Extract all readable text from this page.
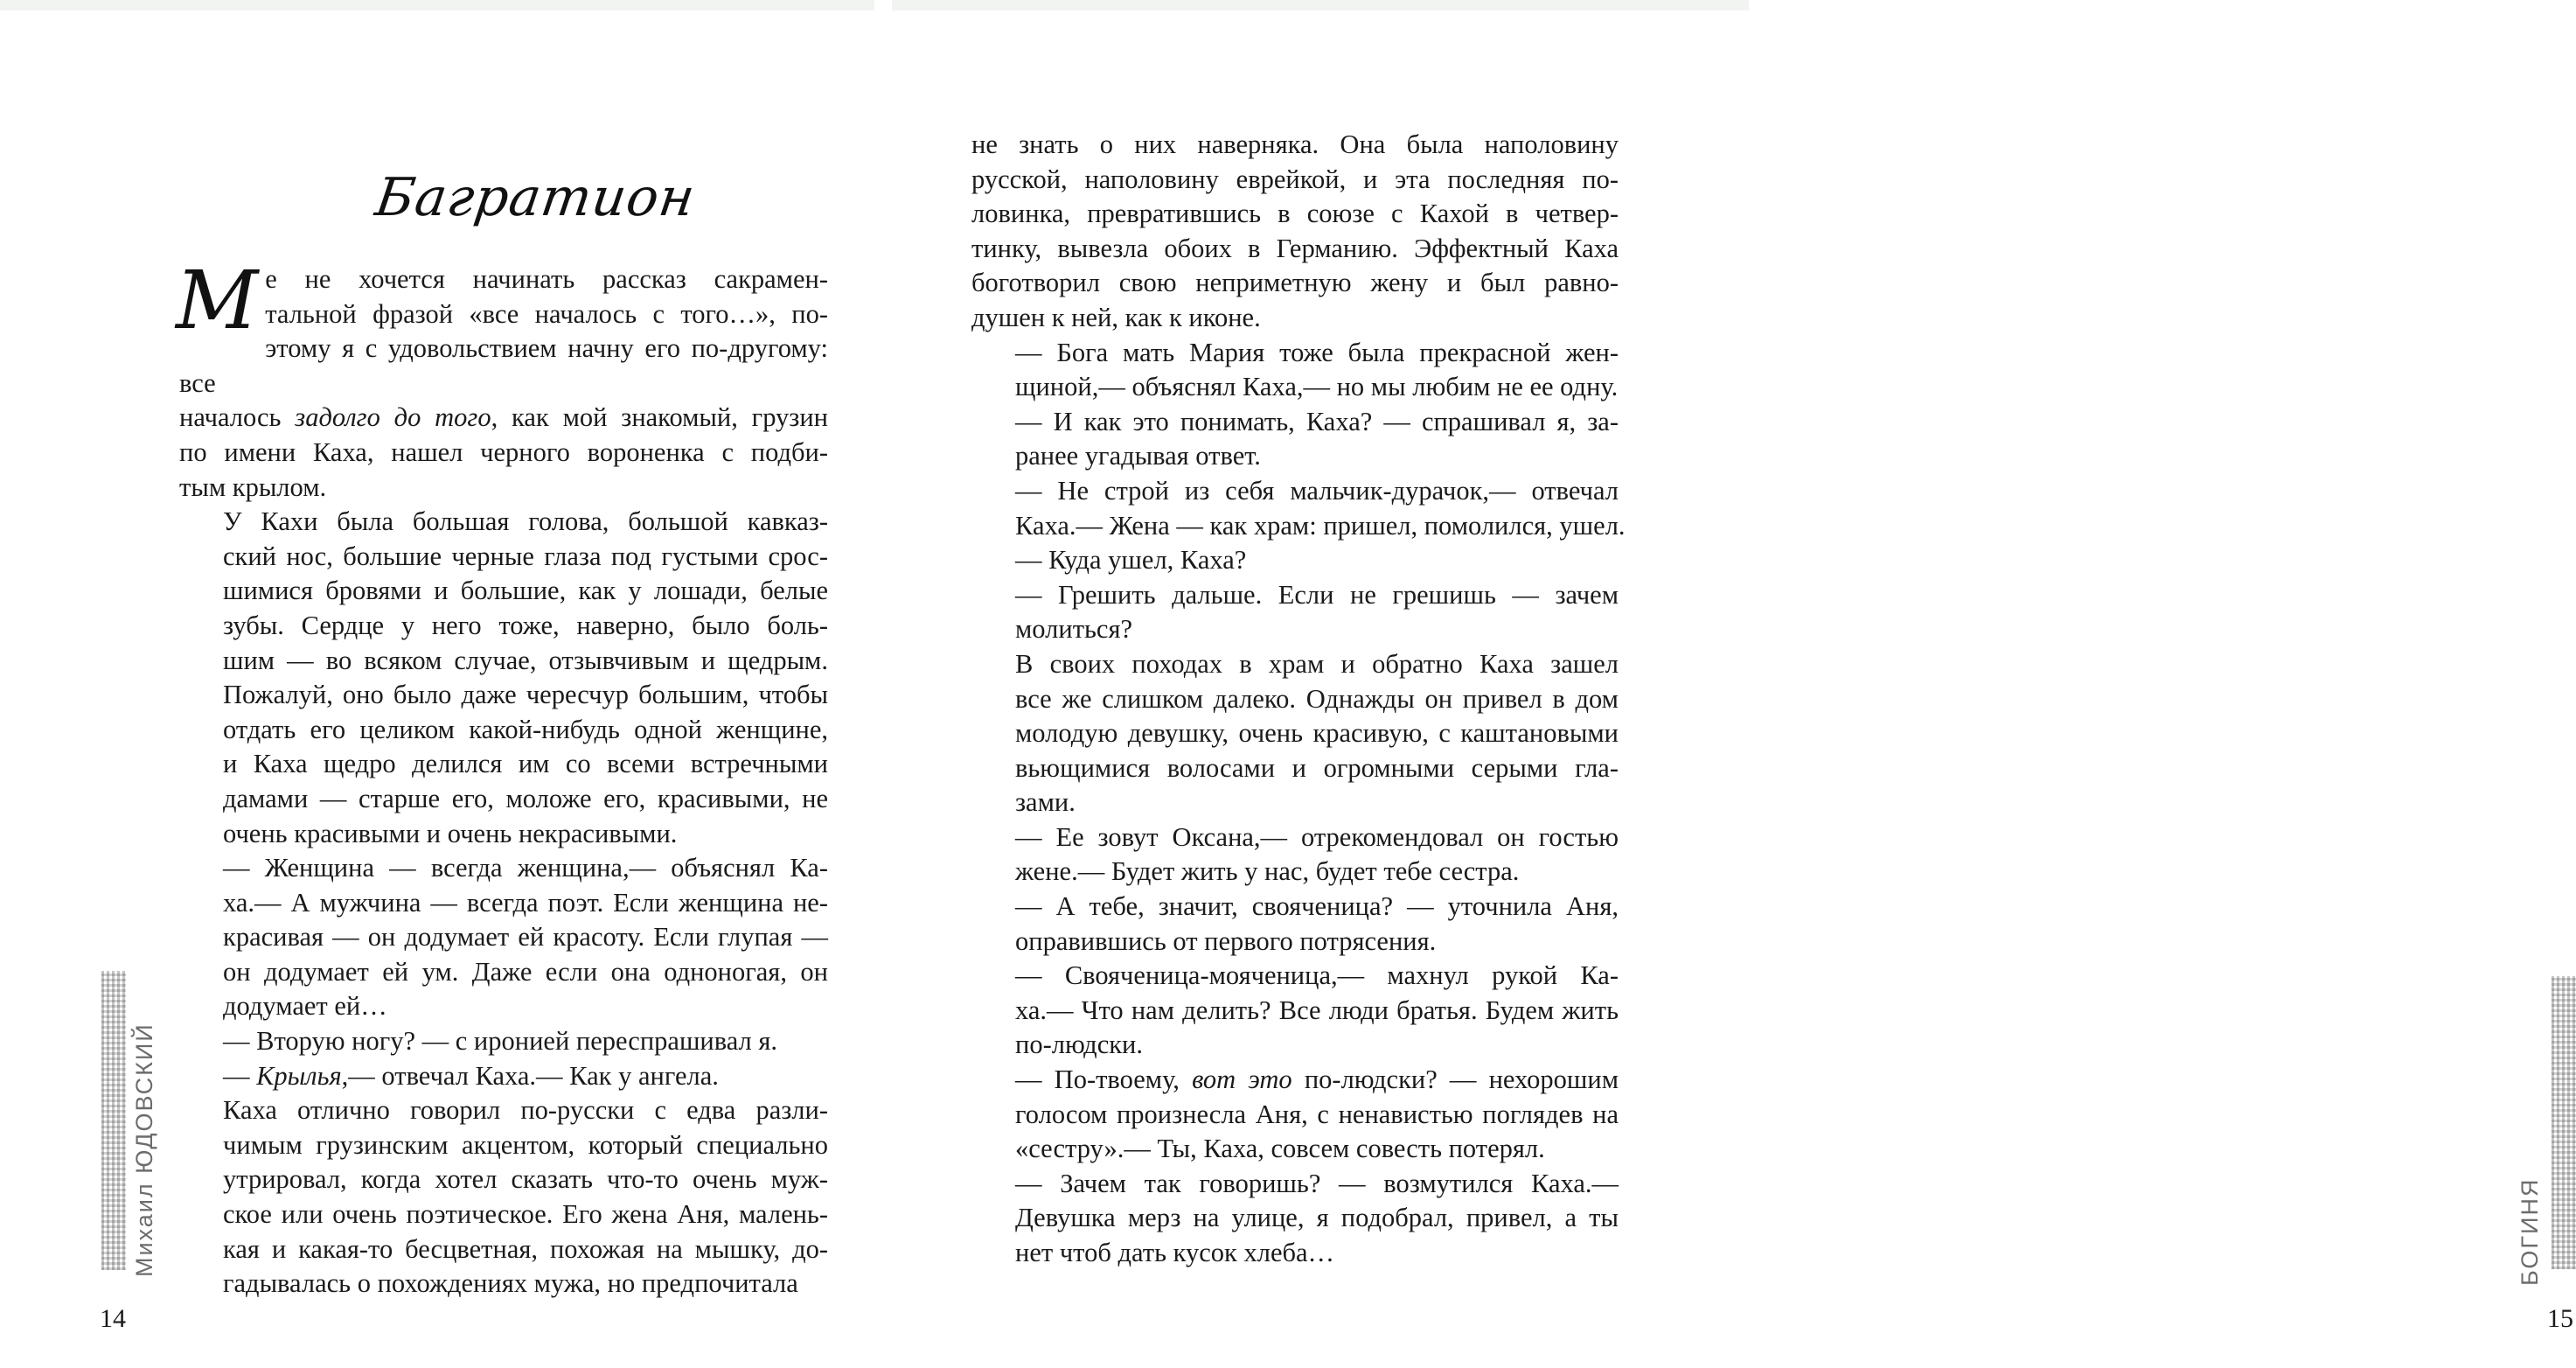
Багратион

М е не хочется начинать рассказ сакрамен-
тальной фразой «все началось с того…», по-
этому я с удовольствием начну его по-другому: все
началось задолго до того, как мой знакомый, грузин
по имени Каха, нашел черного вороненка с подби-
тым крылом.

У Кахи была большая голова, большой кавказ-
ский нос, большие черные глаза под густыми срос-
шимися бровями и большие, как у лошади, белые
зубы. Сердце у него тоже, наверно, было боль-
шим — во всяком случае, отзывчивым и щедрым.
Пожалуй, оно было даже чересчур большим, чтобы
отдать его целиком какой-нибудь одной женщине,
и Каха щедро делился им со всеми встречными
дамами — старше его, моложе его, красивыми, не
очень красивыми и очень некрасивыми.

— Женщина — всегда женщина,— объяснял Ка-
ха.— А мужчина — всегда поэт. Если женщина не-
красивая — он додумает ей красоту. Если глупая —
он додумает ей ум. Даже если она одноногая, он
додумает ей…

— Вторую ногу? — с иронией переспрашивал я.

— Крылья,— отвечал Каха.— Как у ангела.

Каха отлично говорил по-русски с едва разли-
чимым грузинским акцентом, который специально
утрировал, когда хотел сказать что-то очень муж-
ское или очень поэтическое. Его жена Аня, малень-
кая и какая-то бесцветная, похожая на мышку, до-
гадывалась о похождениях мужа, но предпочитала

Михаил ЮДОВСКИЙ
14

не знать о них наверняка. Она была наполовину
русской, наполовину еврейкой, и эта последняя по-
ловинка, превратившись в союзе с Кахой в четвер-
тинку, вывезла обоих в Германию. Эффектный Каха
боготворил свою неприметную жену и был равно-
душен к ней, как к иконе.

— Бога мать Мария тоже была прекрасной жен-
щиной,— объяснял Каха,— но мы любим не ее одну.

— И как это понимать, Каха? — спрашивал я, за-
ранее угадывая ответ.

— Не строй из себя мальчик-дурачок,— отвечал
Каха.— Жена — как храм: пришел, помолился, ушел.

— Куда ушел, Каха?

— Грешить дальше. Если не грешишь — зачем
молиться?

В своих походах в храм и обратно Каха зашел
все же слишком далеко. Однажды он привел в дом
молодую девушку, очень красивую, с каштановыми
вьющимися волосами и огромными серыми гла-
зами.

— Ее зовут Оксана,— отрекомендовал он гостью
жене.— Будет жить у нас, будет тебе сестра.

— А тебе, значит, свояченица? — уточнила Аня,
оправившись от первого потрясения.

— Свояченица-мояченица,— махнул рукой Ка-
ха.— Что нам делить? Все люди братья. Будем жить
по-людски.

— По-твоему, вот это по-людски? — нехорошим
голосом произнесла Аня, с ненавистью поглядев на
«сестру».— Ты, Каха, совсем совесть потерял.

— Зачем так говоришь? — возмутился Каха.—
Девушка мерз на улице, я подобрал, привел, а ты
нет чтоб дать кусок хлеба…	БОГИНЯ
15
